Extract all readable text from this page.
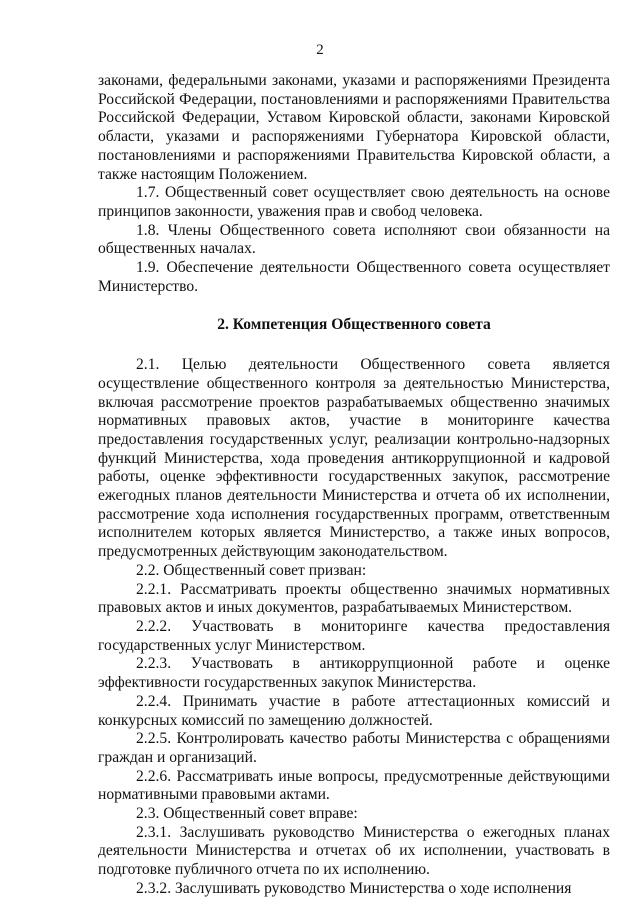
2

законами, федеральными законами, указами и распоряжениями Президента Российской Федерации, постановлениями и распоряжениями Правительства Российской Федерации, Уставом Кировской области, законами Кировской области, указами и распоряжениями Губернатора Кировской области, постановлениями и распоряжениями Правительства Кировской области, а также настоящим Положением.

1.7. Общественный совет осуществляет свою деятельность на основе принципов законности, уважения прав и свобод человека.

1.8. Члены Общественного совета исполняют свои обязанности на общественных началах.

1.9. Обеспечение деятельности Общественного совета осуществляет Министерство.

2. Компетенция Общественного совета

2.1. Целью деятельности Общественного совета является осуществление общественного контроля за деятельностью Министерства, включая рассмотрение проектов разрабатываемых общественно значимых нормативных правовых актов, участие в мониторинге качества предоставления государственных услуг, реализации контрольно-надзорных функций Министерства, хода проведения антикоррупционной и кадровой работы, оценке эффективности государственных закупок, рассмотрение ежегодных планов деятельности Министерства и отчета об их исполнении, рассмотрение хода исполнения государственных программ, ответственным исполнителем которых является Министерство, а также иных вопросов, предусмотренных действующим законодательством.

2.2. Общественный совет призван:

2.2.1. Рассматривать проекты общественно значимых нормативных правовых актов и иных документов, разрабатываемых Министерством.

2.2.2. Участвовать в мониторинге качества предоставления государственных услуг Министерством.

2.2.3. Участвовать в антикоррупционной работе и оценке эффективности государственных закупок Министерства.

2.2.4. Принимать участие в работе аттестационных комиссий и конкурсных комиссий по замещению должностей.

2.2.5. Контролировать качество работы Министерства с обращениями граждан и организаций.

2.2.6. Рассматривать иные вопросы, предусмотренные действующими нормативными правовыми актами.

2.3. Общественный совет вправе:

2.3.1. Заслушивать руководство Министерства о ежегодных планах деятельности Министерства и отчетах об их исполнении, участвовать в подготовке публичного отчета по их исполнению.

2.3.2. Заслушивать руководство Министерства о ходе исполнения
